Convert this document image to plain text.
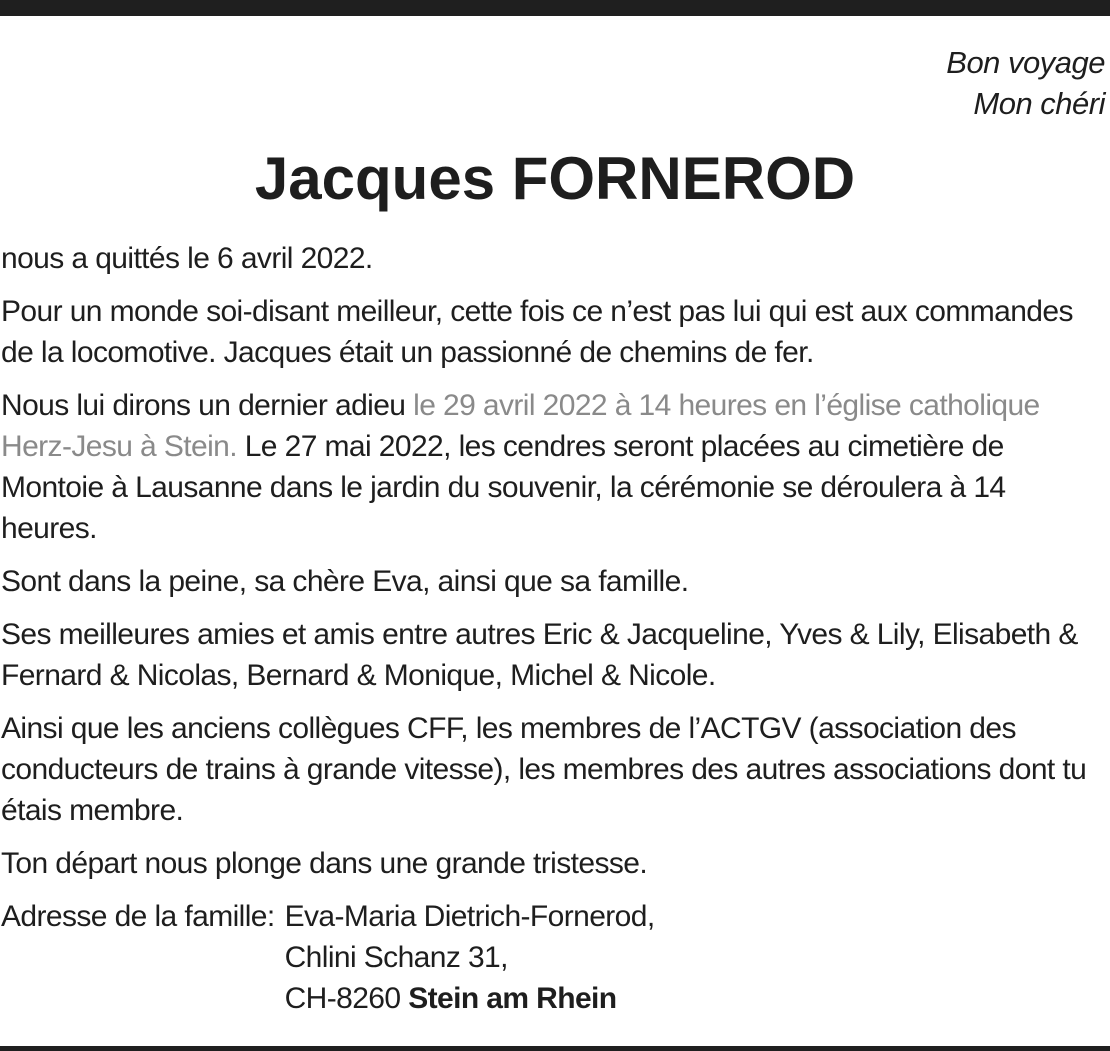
Bon voyage
Mon chéri
Jacques FORNEROD

nous a quittés le 6 avril 2022.

Pour un monde soi-disant meilleur, cette fois ce n’est pas lui qui est aux commandes de la locomotive. Jacques était un passionné de chemins de fer.

Nous lui dirons un dernier adieu le 29 avril 2022 à 14 heures en l’église catholique Herz-Jesu à Stein. Le 27 mai 2022, les cendres seront placées au cimetière de Montoie à Lausanne dans le jardin du souvenir, la cérémonie se déroulera à 14 heures.

Sont dans la peine, sa chère Eva, ainsi que sa famille.

Ses meilleures amies et amis entre autres Eric & Jacqueline, Yves & Lily, Elisabeth & Fernard & Nicolas, Bernard & Monique, Michel & Nicole.

Ainsi que les anciens collègues CFF, les membres de l’ACTGV (association des conducteurs de trains à grande vitesse), les membres des autres associations dont tu étais membre.

Ton départ nous plonge dans une grande tristesse.

Adresse de la famille: Eva-Maria Dietrich-Fornerod,
Chlini Schanz 31,
CH-8260 Stein am Rhein
